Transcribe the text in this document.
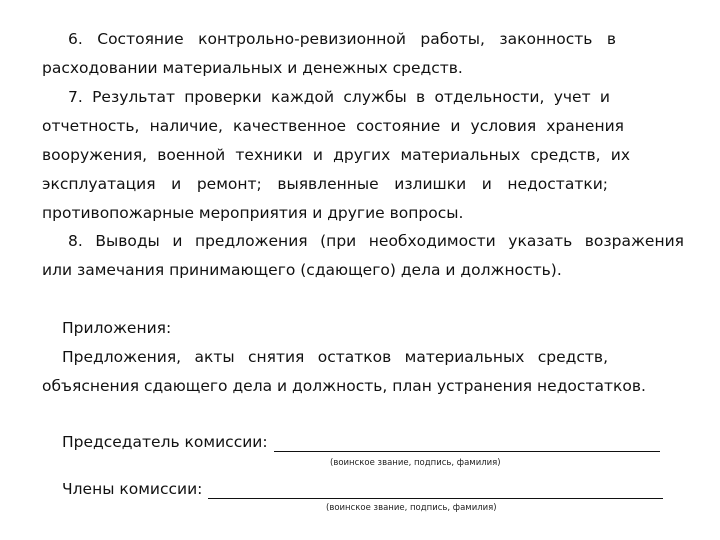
6. Состояние контрольно-ревизионной работы, законность в
расходовании материальных и денежных средств.
7. Результат проверки каждой службы в отдельности, учет и
отчетность, наличие, качественное состояние и условия хранения
вооружения, военной техники и других материальных средств, их
эксплуатация и ремонт; выявленные излишки и недостатки;
противопожарные мероприятия и другие вопросы.
8. Выводы и предложения (при необходимости указать возражения
или замечания принимающего (сдающего) дела и должность).
Приложения:
Предложения, акты снятия остатков материальных средств,
объяснения сдающего дела и должность, план устранения недостатков.
Председатель комиссии:
(воинское звание, подпись, фамилия)
Члены комиссии:
(воинское звание, подпись, фамилия)
